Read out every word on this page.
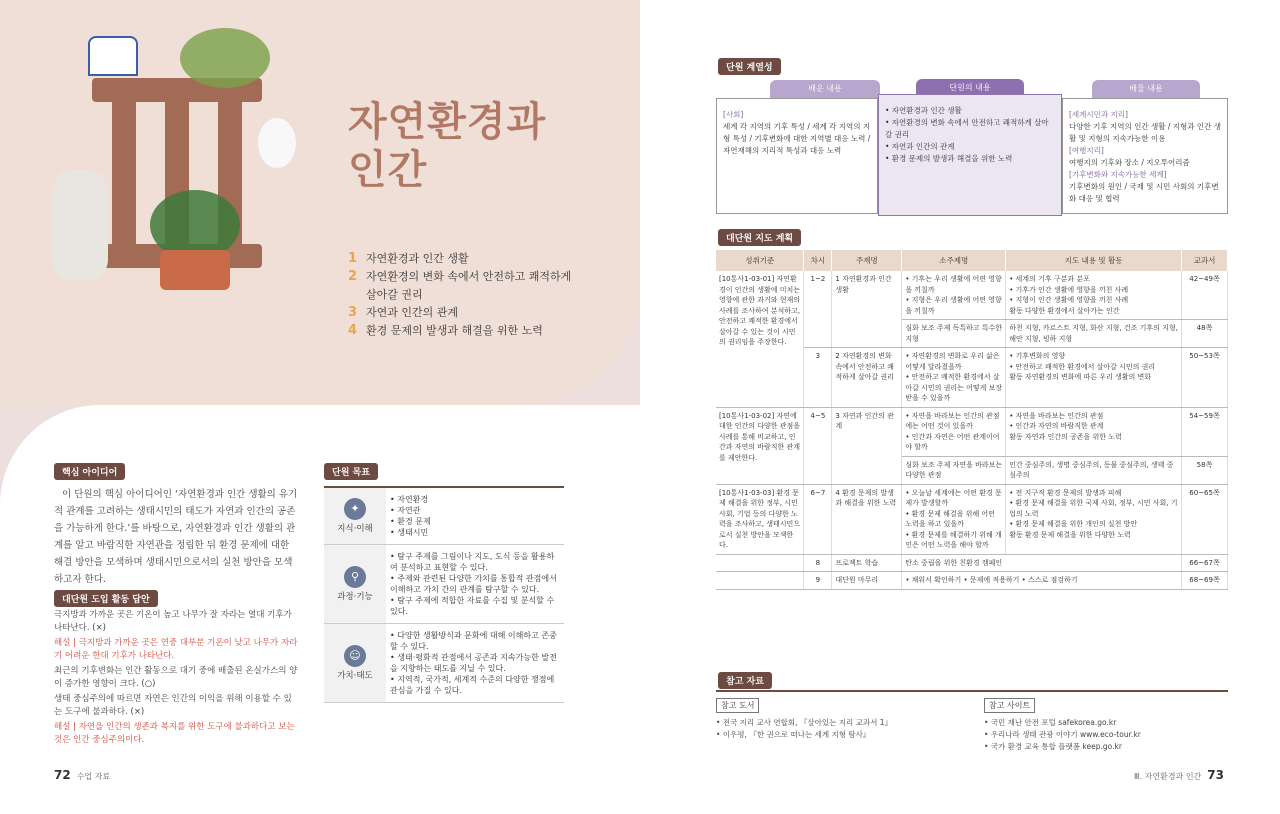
자연환경과
인간
1 자연환경과 인간 생활
2 자연환경의 변화 속에서 안전하고 쾌적하게
살아갈 권리
3 자연과 인간의 관계
4 환경 문제의 발생과 해결을 위한 노력
핵심 아이디어

이 단원의 핵심 아이디어인 ‘자연환경과 인간 생활의 유기적 관계를 고려하는 생태시민의 태도가 자연과 인간의 공존을 가능하게 한다.’를 바탕으로, 자연환경과 인간 생활의 관계를 알고 바람직한 자연관을 정립한 뒤 환경 문제에 대한 해결 방안을 모색하며 생태시민으로서의 실천 방안을 모색하고자 한다.

대단원 도입 활동 답안
극지방과 가까운 곳은 기온이 높고 나무가 잘 자라는 열대 기후가 나타난다. (×)
해설 | 극지방과 가까운 곳은 연중 대부분 기온이 낮고 나무가 자라기 어려운 한대 기후가 나타난다.
최근의 기후변화는 인간 활동으로 대기 중에 배출된 온실가스의 양이 증가한 영향이 크다. (○)
생태 중심주의에 따르면 자연은 인간의 이익을 위해 이용할 수 있는 도구에 불과하다. (×)
해설 | 자연을 인간의 생존과 복지를 위한 도구에 불과하다고 보는 것은 인간 중심주의이다.
단원 목표
✦
지식·이해	• 자연환경
• 자연관
• 환경 문제
• 생태시민

⚲
과정·기능	• 탐구 주제를 그림이나 지도, 도식 등을 활용하여 분석하고 표현할 수 있다.
• 주제와 관련된 다양한 가치를 통합적 관점에서 이해하고 가치 간의 관계를 탐구할 수 있다.
• 탐구 주제에 적합한 자료를 수집 및 분석할 수 있다.

☺
가치·태도	• 다양한 생활방식과 문화에 대해 이해하고 존중할 수 있다.
• 생태·평화적 관점에서 공존과 지속가능한 발전을 지향하는 태도를 지닐 수 있다.
• 지역적, 국가적, 세계적 수준의 다양한 쟁점에 관심을 가질 수 있다.
72 수업 자료
단원 계열성
배운 내용
[사회]
세계 각 지역의 기후 특성 / 세계 각 지역의 지형 특성 / 기후변화에 대한 지역별 대응 노력 / 자연재해의 지리적 특성과 대응 노력
단원의 내용
• 자연환경과 인간 생활
• 자연환경의 변화 속에서 안전하고 쾌적하게 살아갈 권리
• 자연과 인간의 관계
• 환경 문제의 발생과 해결을 위한 노력
배울 내용
[세계시민과 지리]
다양한 기후 지역의 인간 생활 / 지형과 인간 생활 및 지형의 지속가능한 이용
[여행지리]
여행지의 기후와 장소 / 지오투어리즘
[기후변화와 지속가능한 세계]
기후변화의 원인 / 국제 및 시민 사회의 기후변화 대응 및 협력
대단원 지도 계획
성취기준	차시	주제명	소주제명	지도 내용 및 활동	교과서
[10통사1-03-01] 자연환경이 인간의 생활에 미치는 영향에 관한 과거와 현재의 사례를 조사하여 분석하고, 안전하고 쾌적한 환경에서 살아갈 수 있는 것이 시민의 권리임을 주장한다.	1~2	1 자연환경과 인간 생활	• 기후는 우리 생활에 어떤 영향을 끼칠까
• 지형은 우리 생활에 어떤 영향을 끼칠까	• 세계의 기후 구분과 분포
• 기후가 인간 생활에 영향을 끼친 사례
• 지형이 인간 생활에 영향을 끼친 사례
활동 다양한 환경에서 살아가는 인간	42~49쪽
			심화 보조 주제 독특하고 특수한 지형	하천 지형, 카르스트 지형, 화산 지형, 건조 기후의 지형, 해안 지형, 빙하 지형	48쪽
	3	2 자연환경의 변화 속에서 안전하고 쾌적하게 살아갈 권리	• 자연환경의 변화로 우리 삶은 어떻게 달라졌을까
• 안전하고 쾌적한 환경에서 살아갈 시민의 권리는 어떻게 보장받을 수 있을까	• 기후변화의 영향
• 안전하고 쾌적한 환경에서 살아갈 시민의 권리
활동 자연환경의 변화에 따른 우리 생활의 변화	50~53쪽
[10통사1-03-02] 자연에 대한 인간의 다양한 관점을 사례를 통해 비교하고, 인간과 자연의 바람직한 관계를 제안한다.	4~5	3 자연과 인간의 관계	• 자연을 바라보는 인간의 관점에는 어떤 것이 있을까
• 인간과 자연은 어떤 관계이어야 할까	• 자연을 바라보는 인간의 관점
• 인간과 자연의 바람직한 관계
활동 자연과 인간의 공존을 위한 노력	54~59쪽
			심화 보조 주제 자연을 바라보는 다양한 관점	인간 중심주의, 생명 중심주의, 동물 중심주의, 생태 중심주의	58쪽
[10통사1-03-03] 환경 문제 해결을 위한 정부, 시민사회, 기업 등의 다양한 노력을 조사하고, 생태시민으로서 실천 방안을 모색한다.	6~7	4 환경 문제의 발생과 해결을 위한 노력	• 오늘날 세계에는 어떤 환경 문제가 발생할까
• 환경 문제 해결을 위해 어떤 노력을 하고 있을까
• 환경 문제를 해결하기 위해 개인은 어떤 노력을 해야 할까	• 전 지구적 환경 문제의 발생과 피해
• 환경 문제 해결을 위한 국제 사회, 정부, 시민 사회, 기업의 노력
• 환경 문제 해결을 위한 개인의 실천 방안
활동 환경 문제 해결을 위한 다양한 노력	60~65쪽
	8	프로젝트 학습	탄소 중립을 위한 친환경 캠페인		66~67쪽
	9	대단원 마무리	• 채워서 확인하기 • 문제에 적용하기 • 스스로 점검하기		68~69쪽
참고 자료
참고 도서
• 전국 지리 교사 연합회, 『살아있는 지리 교과서 1』
• 이우평, 『한 권으로 떠나는 세계 지형 탐사』
참고 사이트
• 국민 재난 안전 포털 safekorea.go.kr
• 우리나라 생태 관광 이야기 www.eco-tour.kr
• 국가 환경 교육 통합 플랫폼 keep.go.kr
Ⅲ. 자연환경과 인간 73
